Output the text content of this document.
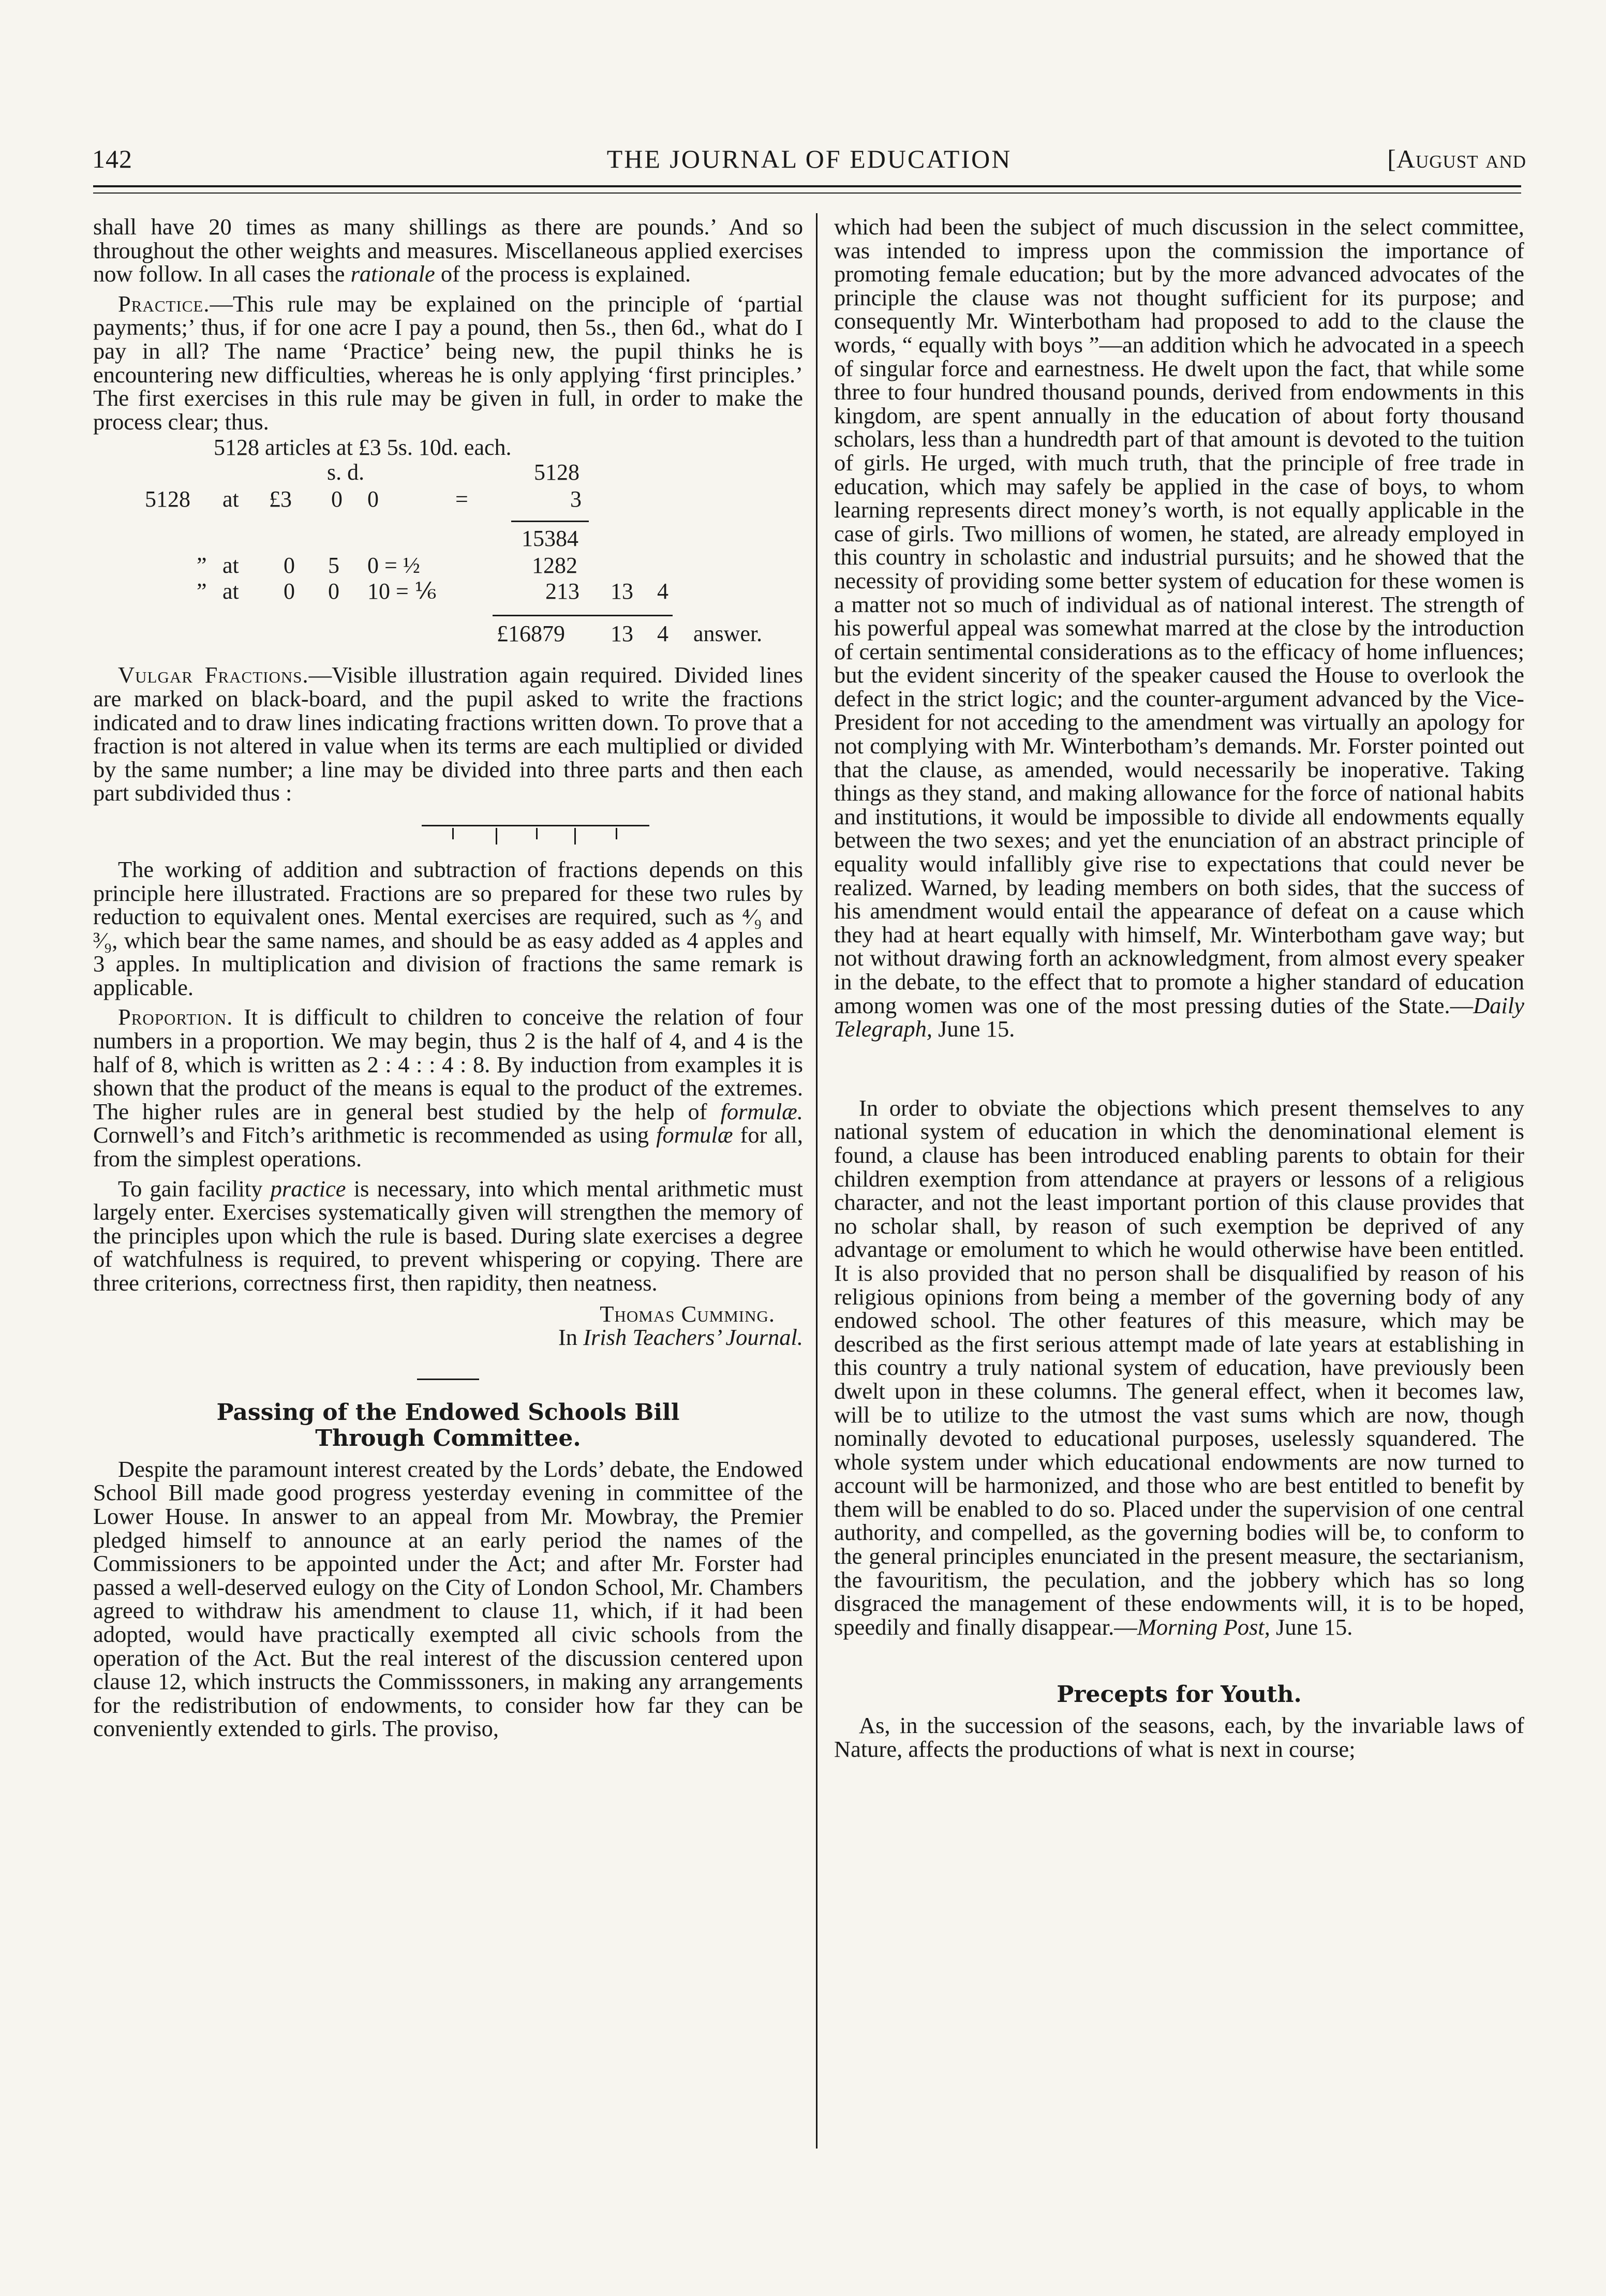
142	THE JOURNAL OF EDUCATION	[August and

shall have 20 times as many shillings as there are pounds.’ And so throughout the other weights and measures. Miscellaneous applied exercises now follow. In all cases the rationale of the process is explained.

Practice.—This rule may be explained on the principle of ‘partial payments;’ thus, if for one acre I pay a pound, then 5s., then 6d., what do I pay in all? The name ‘Practice’ being new, the pupil thinks he is encountering new difficulties, whereas he is only applying ‘first principles.’ The first exercises in this rule may be given in full, in order to make the process clear; thus.

5128 articles at £3 5s. 10d. each.
s. d.	5128
5128 at £3 0 0	=	3
15384
” at 0 5 0 = ½	1282
” at 0 0 10 = ⅙	213 13 4
£16879 13 4 answer.

Vulgar Fractions.—Visible illustration again required. Divided lines are marked on black-board, and the pupil asked to write the fractions indicated and to draw lines indicating fractions written down. To prove that a fraction is not altered in value when its terms are each multiplied or divided by the same number; a line may be divided into three parts and then each part subdivided thus :

The working of addition and subtraction of fractions depends on this principle here illustrated. Fractions are so prepared for these two rules by reduction to equivalent ones. Mental exercises are required, such as ⁴⁄₉ and ³⁄₉, which bear the same names, and should be as easy added as 4 apples and 3 apples. In multiplication and division of fractions the same remark is applicable.

Proportion. It is difficult to children to conceive the relation of four numbers in a proportion. We may begin, thus 2 is the half of 4, and 4 is the half of 8, which is written as 2 : 4 : : 4 : 8. By induction from examples it is shown that the product of the means is equal to the product of the extremes. The higher rules are in general best studied by the help of formulæ. Cornwell’s and Fitch’s arithmetic is recommended as using formulæ for all, from the simplest operations.

To gain facility practice is necessary, into which mental arithmetic must largely enter. Exercises systematically given will strengthen the memory of the principles upon which the rule is based. During slate exercises a degree of watchfulness is required, to prevent whispering or copying. There are three criterions, correctness first, then rapidity, then neatness.

Thomas Cumming.
In Irish Teachers’ Journal.
Passing of the Endowed Schools Bill
Through Committee.

Despite the paramount interest created by the Lords’ debate, the Endowed School Bill made good progress yesterday evening in committee of the Lower House. In answer to an appeal from Mr. Mowbray, the Premier pledged himself to announce at an early period the names of the Commissioners to be appointed under the Act; and after Mr. Forster had passed a well-deserved eulogy on the City of London School, Mr. Chambers agreed to withdraw his amendment to clause 11, which, if it had been adopted, would have practically exempted all civic schools from the operation of the Act. But the real interest of the discussion centered upon clause 12, which instructs the Commisssoners, in making any arrangements for the redistribution of endowments, to consider how far they can be conveniently extended to girls. The proviso,

which had been the subject of much discussion in the select committee, was intended to impress upon the commission the importance of promoting female education; but by the more advanced advocates of the principle the clause was not thought sufficient for its purpose; and consequently Mr. Winterbotham had proposed to add to the clause the words, “ equally with boys ”—an addition which he advocated in a speech of singular force and earnestness. He dwelt upon the fact, that while some three to four hundred thousand pounds, derived from endowments in this kingdom, are spent annually in the education of about forty thousand scholars, less than a hundredth part of that amount is devoted to the tuition of girls. He urged, with much truth, that the principle of free trade in education, which may safely be applied in the case of boys, to whom learning represents direct money’s worth, is not equally applicable in the case of girls. Two millions of women, he stated, are already employed in this country in scholastic and industrial pursuits; and he showed that the necessity of providing some better system of education for these women is a matter not so much of individual as of national interest. The strength of his powerful appeal was somewhat marred at the close by the introduction of certain sentimental considerations as to the efficacy of home influences; but the evident sincerity of the speaker caused the House to overlook the defect in the strict logic; and the counter-argument advanced by the Vice-President for not acceding to the amendment was virtually an apology for not complying with Mr. Winterbotham’s demands. Mr. Forster pointed out that the clause, as amended, would necessarily be inoperative. Taking things as they stand, and making allowance for the force of national habits and institutions, it would be impossible to divide all endowments equally between the two sexes; and yet the enunciation of an abstract principle of equality would infallibly give rise to expectations that could never be realized. Warned, by leading members on both sides, that the success of his amendment would entail the appearance of defeat on a cause which they had at heart equally with himself, Mr. Winterbotham gave way; but not without drawing forth an acknowledgment, from almost every speaker in the debate, to the effect that to promote a higher standard of education among women was one of the most pressing duties of the State.—Daily Telegraph, June 15.

In order to obviate the objections which present themselves to any national system of education in which the denominational element is found, a clause has been introduced enabling parents to obtain for their children exemption from attendance at prayers or lessons of a religious character, and not the least important portion of this clause provides that no scholar shall, by reason of such exemption be deprived of any advantage or emolument to which he would otherwise have been entitled. It is also provided that no person shall be disqualified by reason of his religious opinions from being a member of the governing body of any endowed school. The other features of this measure, which may be described as the first serious attempt made of late years at establishing in this country a truly national system of education, have previously been dwelt upon in these columns. The general effect, when it becomes law, will be to utilize to the utmost the vast sums which are now, though nominally devoted to educational purposes, uselessly squandered. The whole system under which educational endowments are now turned to account will be harmonized, and those who are best entitled to benefit by them will be enabled to do so. Placed under the supervision of one central authority, and compelled, as the governing bodies will be, to conform to the general principles enunciated in the present measure, the sectarianism, the favouritism, the peculation, and the jobbery which has so long disgraced the management of these endowments will, it is to be hoped, speedily and finally disappear.—Morning Post, June 15.

Precepts for Youth.

As, in the succession of the seasons, each, by the invariable laws of Nature, affects the productions of what is next in course;
